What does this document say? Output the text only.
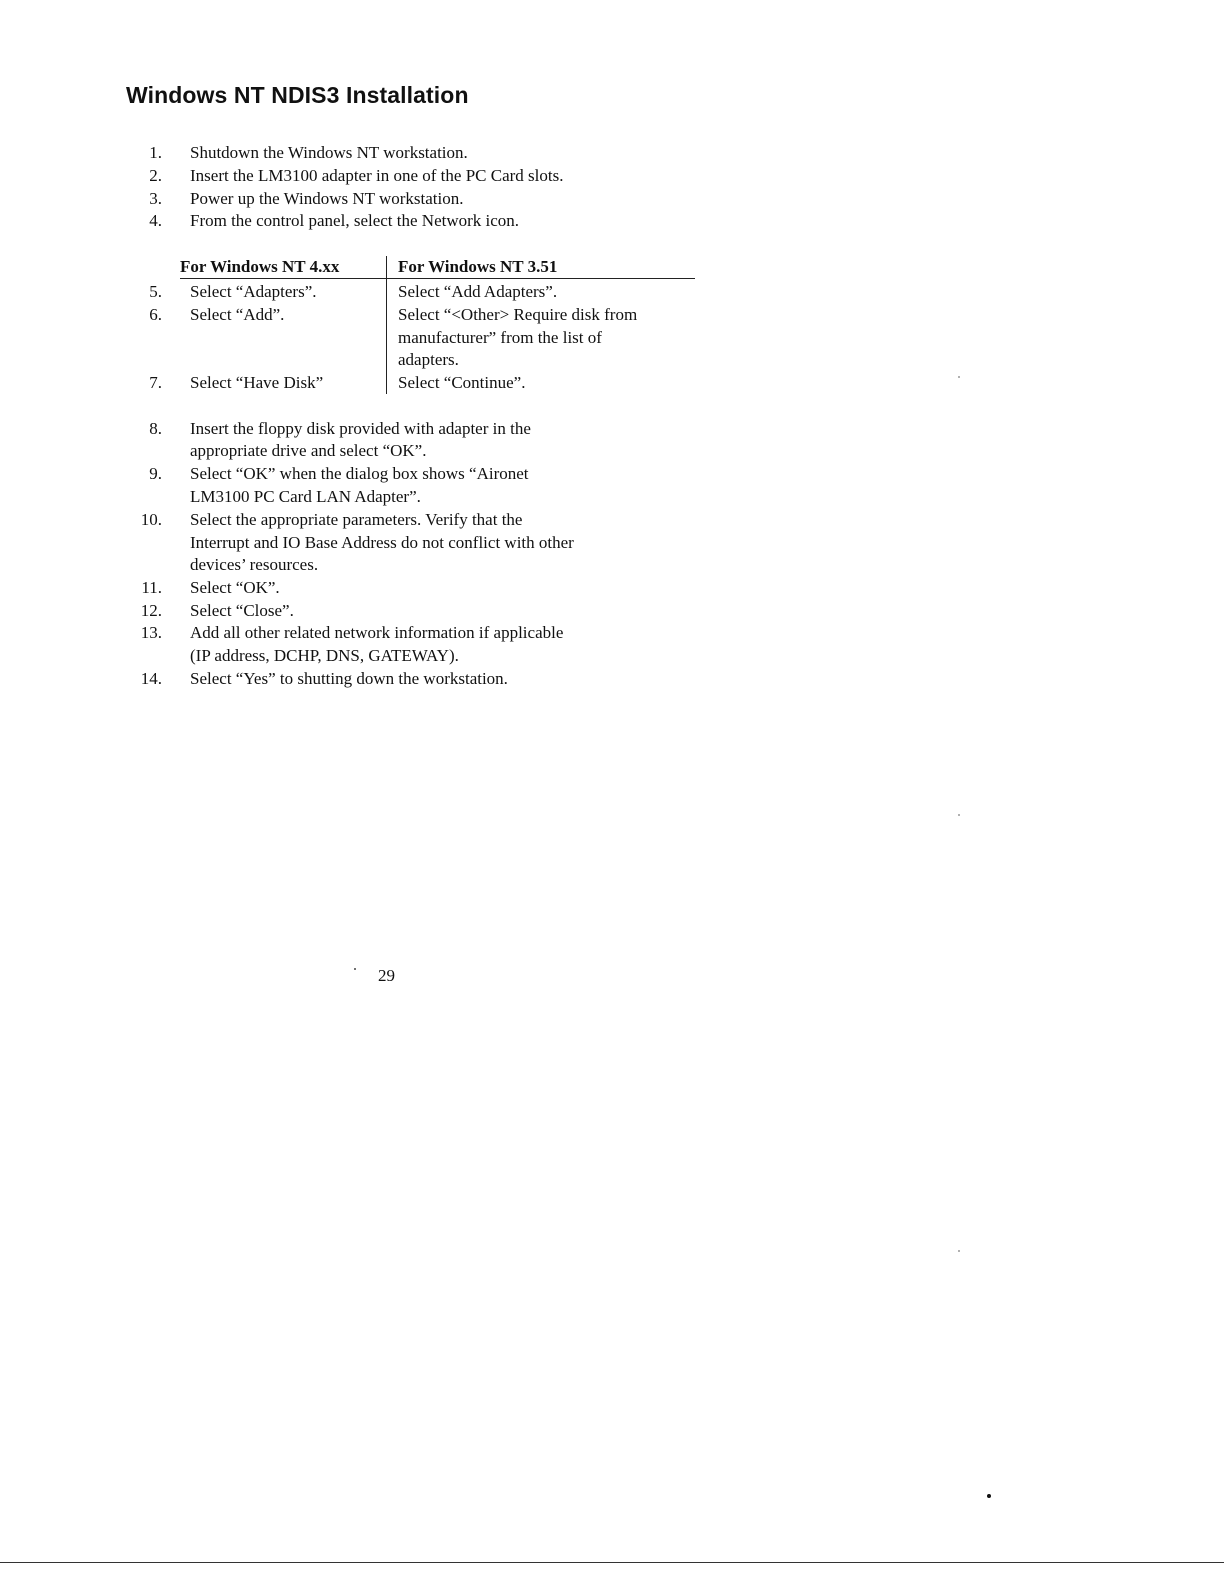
Windows NT NDIS3 Installation
1. Shutdown the Windows NT workstation.
2. Insert the LM3100 adapter in one of the PC Card slots.
3. Power up the Windows NT workstation.
4. From the control panel, select the Network icon.
For Windows NT 4.xx	For Windows NT 3.51
5. Select “Adapters”.	Select “Add Adapters”.
6. Select “Add”.	Select “<Other> Require disk from
manufacturer” from the list of
adapters.
7. Select “Have Disk”	Select “Continue”.
8. Insert the floppy disk provided with adapter in the
appropriate drive and select “OK”.
9. Select “OK” when the dialog box shows “Aironet
LM3100 PC Card LAN Adapter”.
10. Select the appropriate parameters. Verify that the
Interrupt and IO Base Address do not conflict with other
devices’ resources.
11. Select “OK”.
12. Select “Close”.
13. Add all other related network information if applicable
(IP address, DCHP, DNS, GATEWAY).
14. Select “Yes” to shutting down the workstation.
29
